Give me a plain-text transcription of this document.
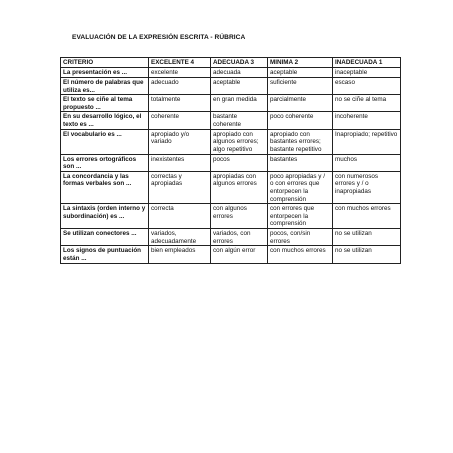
EVALUACIÓN DE LA EXPRESIÓN ESCRITA - RÚBRICA
CRITERIO	EXCELENTE 4	ADECUADA 3	MINIMA 2	INADECUADA 1
La presentación es ...	excelente	adecuada	aceptable	inaceptable
El número de palabras que utiliza es...	adecuado	aceptable	suficiente	escaso
El texto se ciñe al tema propuesto ...	totalmente	en gran medida	parcialmente	no se ciñe al tema
En su desarrollo lógico, el texto es ...	coherente	bastante coherente	poco coherente	incoherente
El vocabulario es ...	apropiado y/o variado	apropiado con algunos errores; algo repetitivo	apropiado con bastantes errores; bastante repetitivo	Inapropiado; repetitivo
Los errores ortográficos son ...	inexistentes	pocos	bastantes	muchos
La concordancia y las formas verbales son ...	correctas y apropiadas	apropiadas con algunos errores	poco apropiadas y / o con errores que entorpecen la comprensión	con numerosos errores y / o inapropiadas
La sintaxis (orden interno y subordinación) es ...	correcta	con algunos errores	con errores que entorpecen la comprensión	con muchos errores
Se utilizan conectores ...	variados, adecuadamente	variados, con errores	pocos, con/sin errores	no se utilizan
Los signos de puntuación están ...	bien empleados	con algún error	con muchos errores	no se utilizan
